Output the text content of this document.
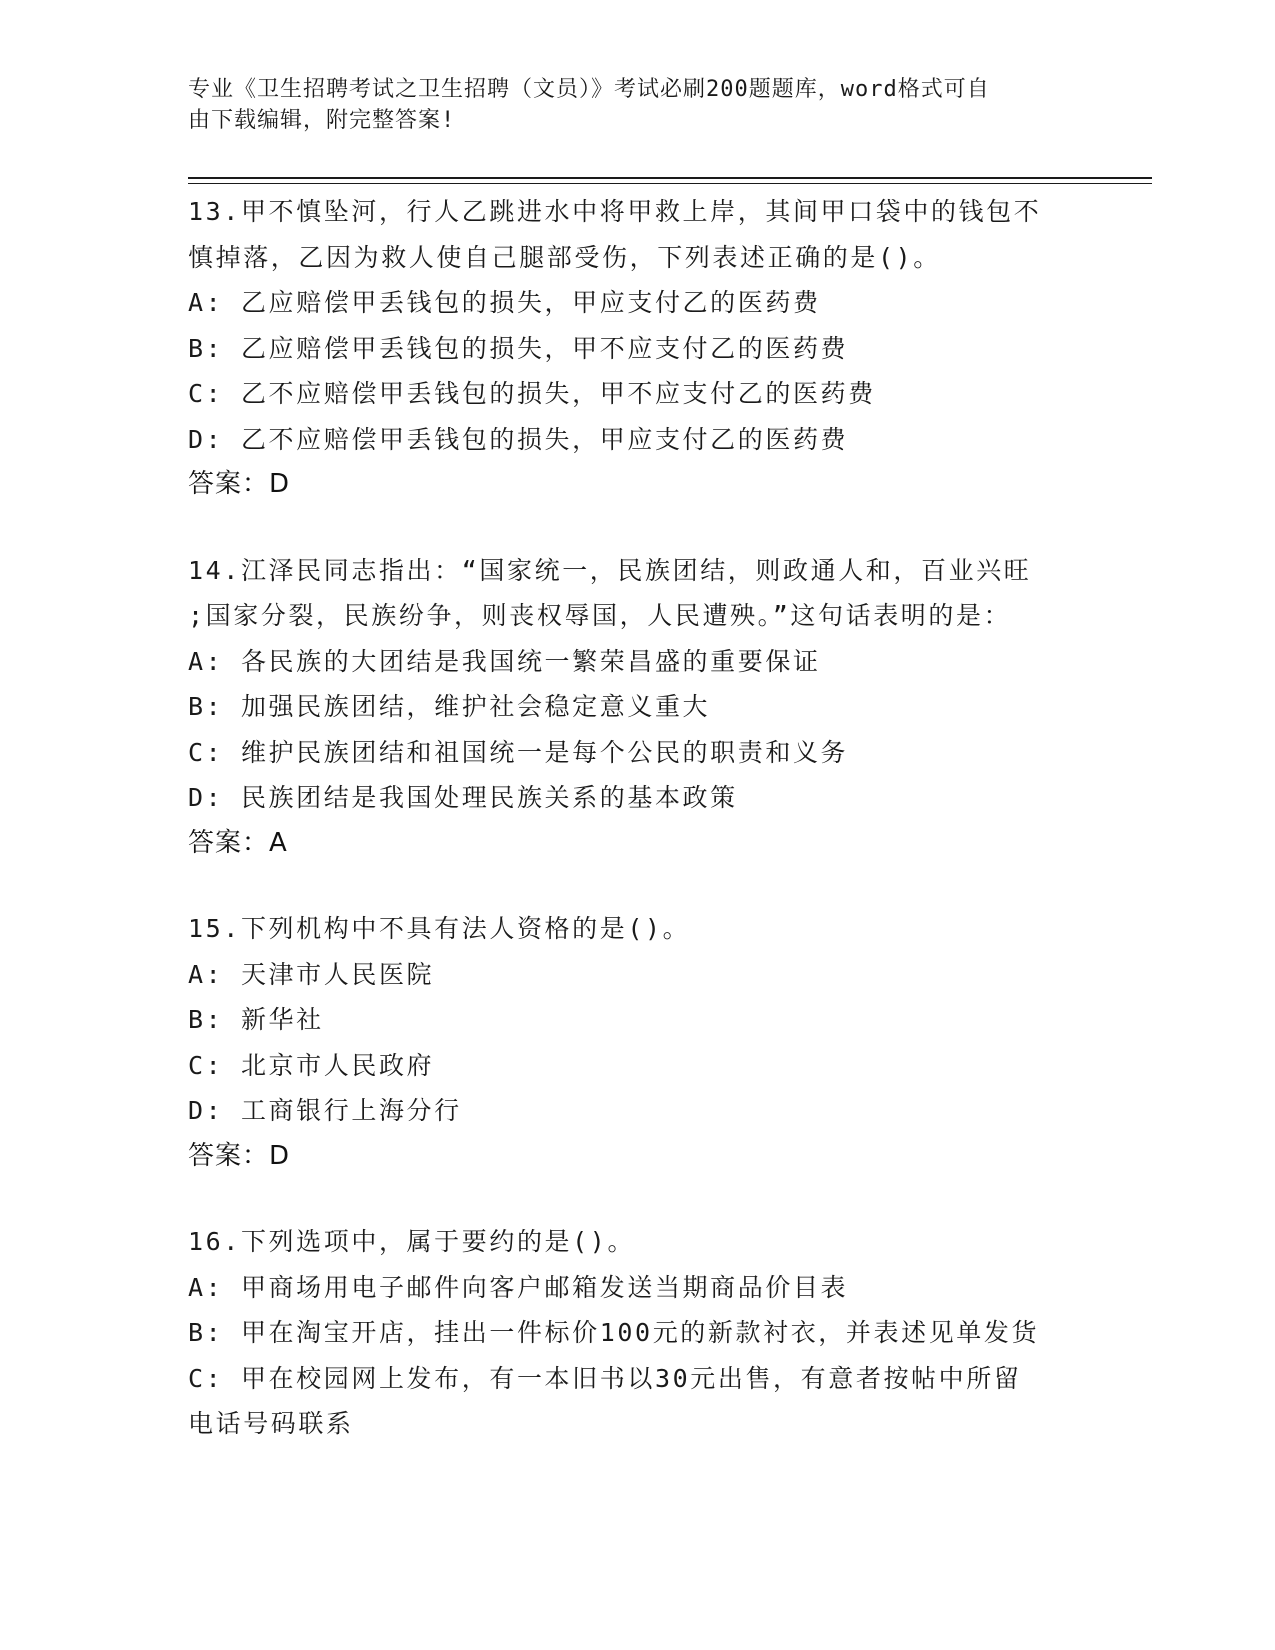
专业《卫生招聘考试之卫生招聘（文员）》考试必刷200题题库，word格式可自
由下载编辑，附完整答案!
13.甲不慎坠河，行人乙跳进水中将甲救上岸，其间甲口袋中的钱包不
慎掉落，乙因为救人使自己腿部受伤，下列表述正确的是()。
A: 乙应赔偿甲丢钱包的损失，甲应支付乙的医药费
B: 乙应赔偿甲丢钱包的损失，甲不应支付乙的医药费
C: 乙不应赔偿甲丢钱包的损失，甲不应支付乙的医药费
D: 乙不应赔偿甲丢钱包的损失，甲应支付乙的医药费
答案：D
14.江泽民同志指出：“国家统一，民族团结，则政通人和，百业兴旺
;国家分裂，民族纷争，则丧权辱国，人民遭殃。”这句话表明的是：
A: 各民族的大团结是我国统一繁荣昌盛的重要保证
B: 加强民族团结，维护社会稳定意义重大
C: 维护民族团结和祖国统一是每个公民的职责和义务
D: 民族团结是我国处理民族关系的基本政策
答案：A
15.下列机构中不具有法人资格的是()。
A: 天津市人民医院
B: 新华社
C: 北京市人民政府
D: 工商银行上海分行
答案：D
16.下列选项中，属于要约的是()。
A: 甲商场用电子邮件向客户邮箱发送当期商品价目表
B: 甲在淘宝开店，挂出一件标价100元的新款衬衣，并表述见单发货
C: 甲在校园网上发布，有一本旧书以30元出售，有意者按帖中所留
电话号码联系
